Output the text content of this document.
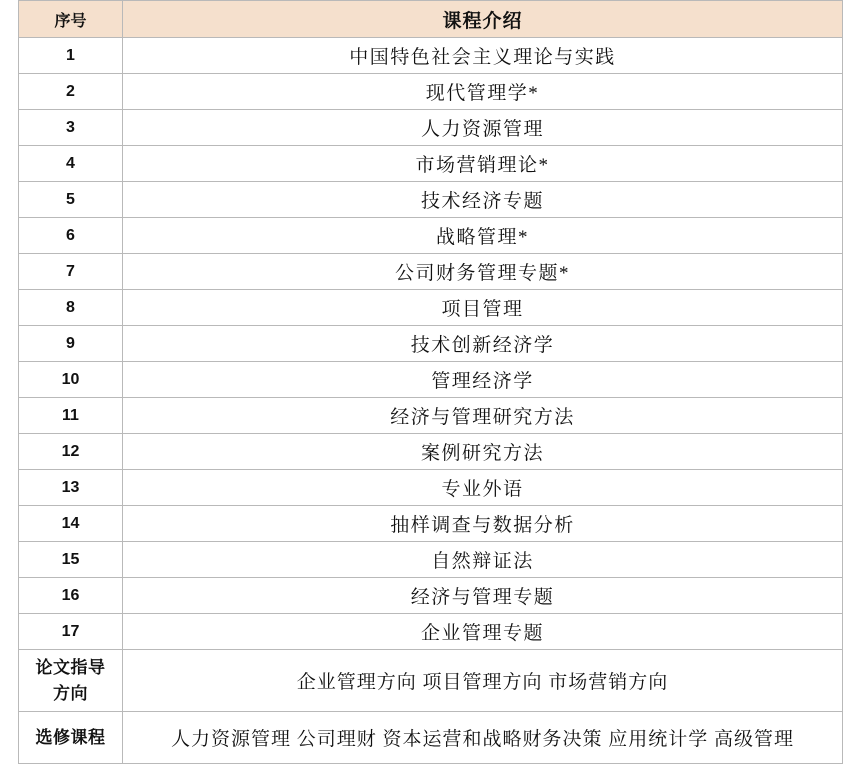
序号	课程介绍
1	中国特色社会主义理论与实践
2	现代管理学*
3	人力资源管理
4	市场营销理论*
5	技术经济专题
6	战略管理*
7	公司财务管理专题*
8	项目管理
9	技术创新经济学
10	管理经济学
11	经济与管理研究方法
12	案例研究方法
13	专业外语
14	抽样调查与数据分析
15	自然辩证法
16	经济与管理专题
17	企业管理专题

论文指导
方向	企业管理方向 项目管理方向 市场营销方向
选修课程	人力资源管理 公司理财 资本运营和战略财务决策 应用统计学 高级管理
